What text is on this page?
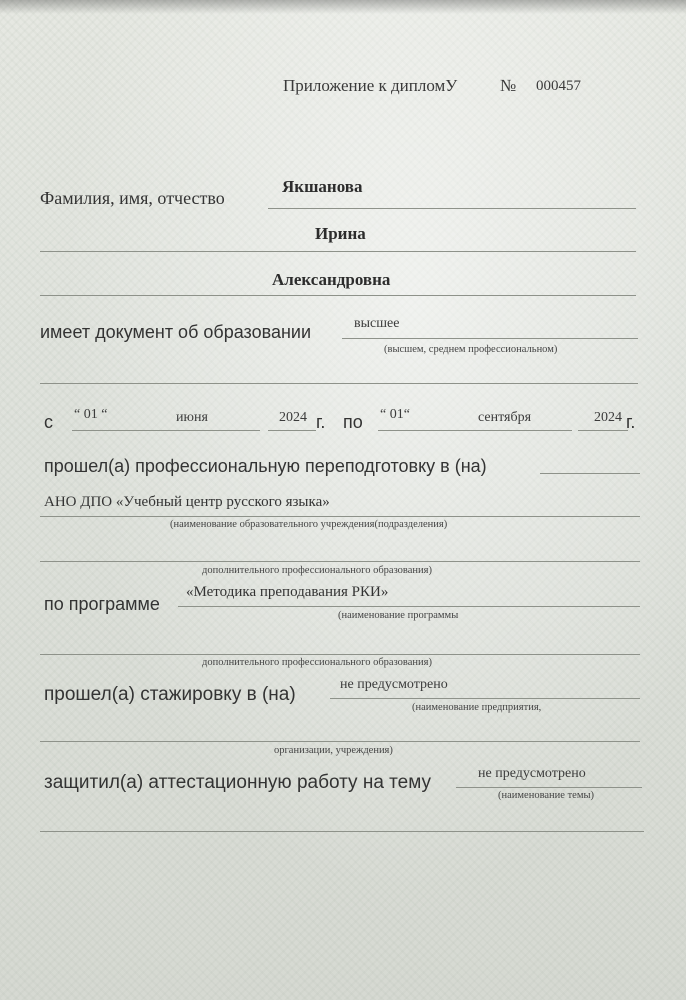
Приложение к дипломУ	№ 000457
Фамилия, имя, отчество
Якшанова
Ирина
Александровна
имеет документ об образовании	высшее
(высшем, среднем профессиональном)
с “ 01 “	июня	2024 г. по “ 01“	сентября	2024 г.
прошел(а) профессиональную переподготовку в (на)
АНО ДПО «Учебный центр русского языка»
(наименование образовательного учреждения(подразделения)
дополнительного профессионального образования)
по программе
«Методика преподавания РКИ»
(наименование программы
дополнительного профессионального образования)
прошел(а) стажировку в (на)	не предусмотрено
(наименование предприятия,
организации, учреждения)
защитил(а) аттестационную работу на тему	не предусмотрено
(наименование темы)
